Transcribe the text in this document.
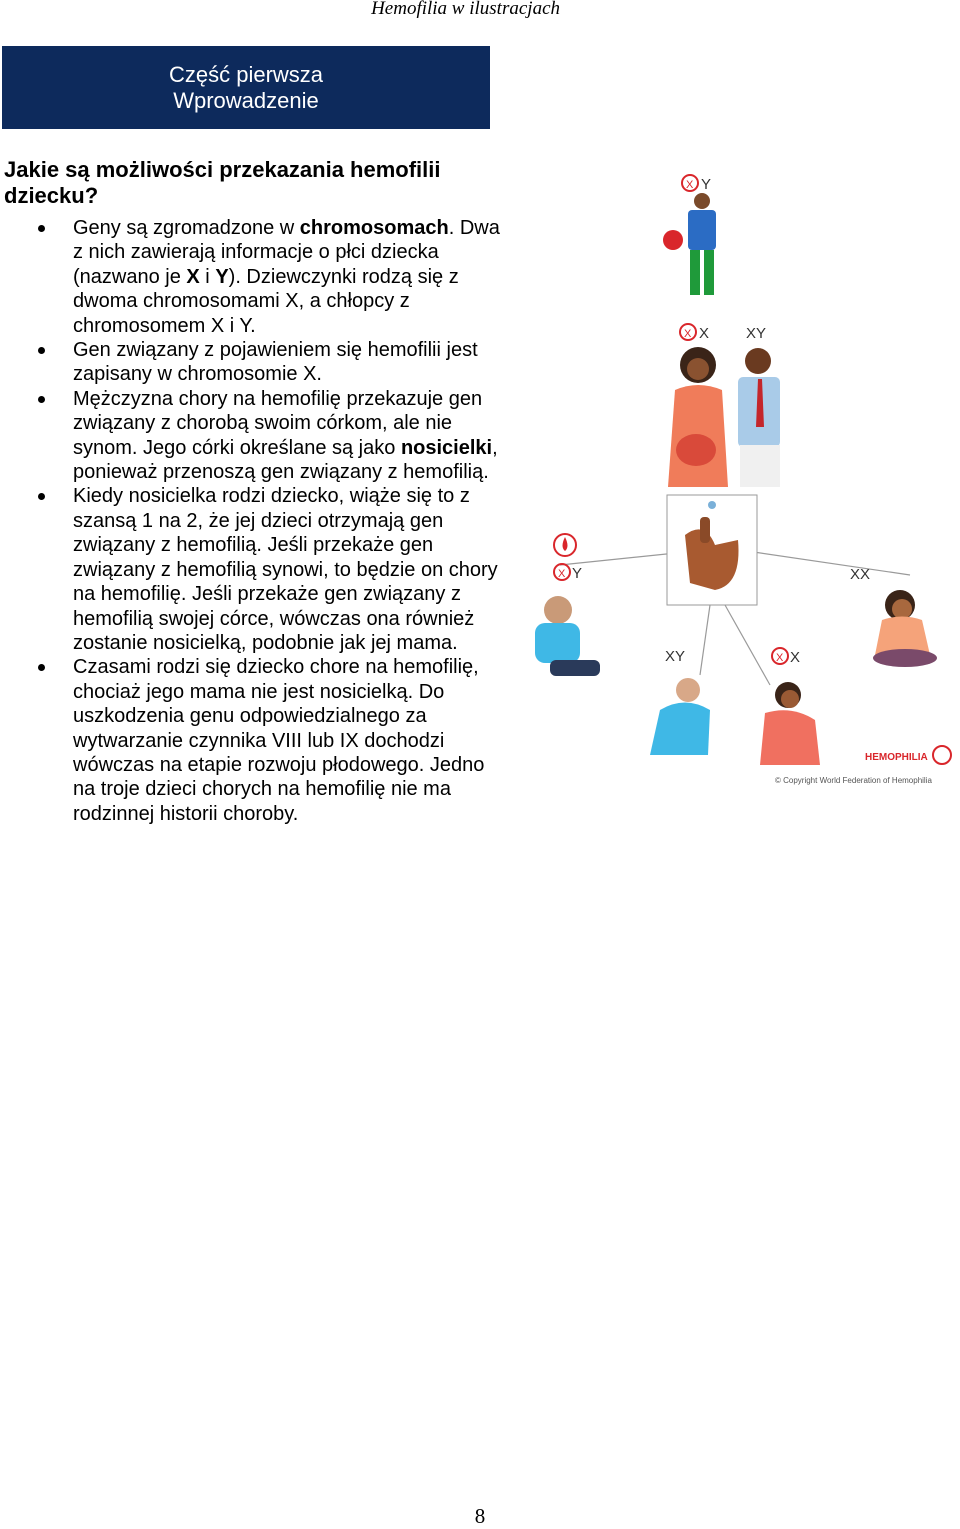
Hemofilia w ilustracjach
Część pierwsza
Wprowadzenie
Jakie są możliwości przekazania hemofilii dziecku?
Geny są zgromadzone w chromosomach. Dwa z nich zawierają informacje o płci dziecka (nazwano je X i Y). Dziewczynki rodzą się z dwoma chromosomami X, a chłopcy z chromosomem X i Y.
Gen związany z pojawieniem się hemofilii jest zapisany w chromosomie X.
Mężczyzna chory na hemofilię przekazuje gen związany z chorobą swoim córkom, ale nie synom. Jego córki określane są jako nosicielki, ponieważ przenoszą gen związany z hemofilią.
Kiedy nosicielka rodzi dziecko, wiąże się to z szansą 1 na 2, że jej dzieci otrzymają gen związany z hemofilią. Jeśli przekaże gen związany z hemofilią synowi, to będzie on chory na hemofilię. Jeśli przekaże gen związany z hemofilią swojej córce, wówczas ona również zostanie nosicielką, podobnie jak jej mama.
Czasami rodzi się dziecko chore na hemofilię, chociaż jego mama nie jest nosicielką. Do uszkodzenia genu odpowiedzialnego za wytwarzanie czynnika VIII lub IX dochodzi wówczas na etapie rozwoju płodowego. Jedno na troje dzieci chorych na hemofilię nie ma rodzinnej historii choroby.
X Y
X X XY
X Y	XX
XY	X X
HEMOPHILIA
© Copyright World Federation of Hemophilia
8
